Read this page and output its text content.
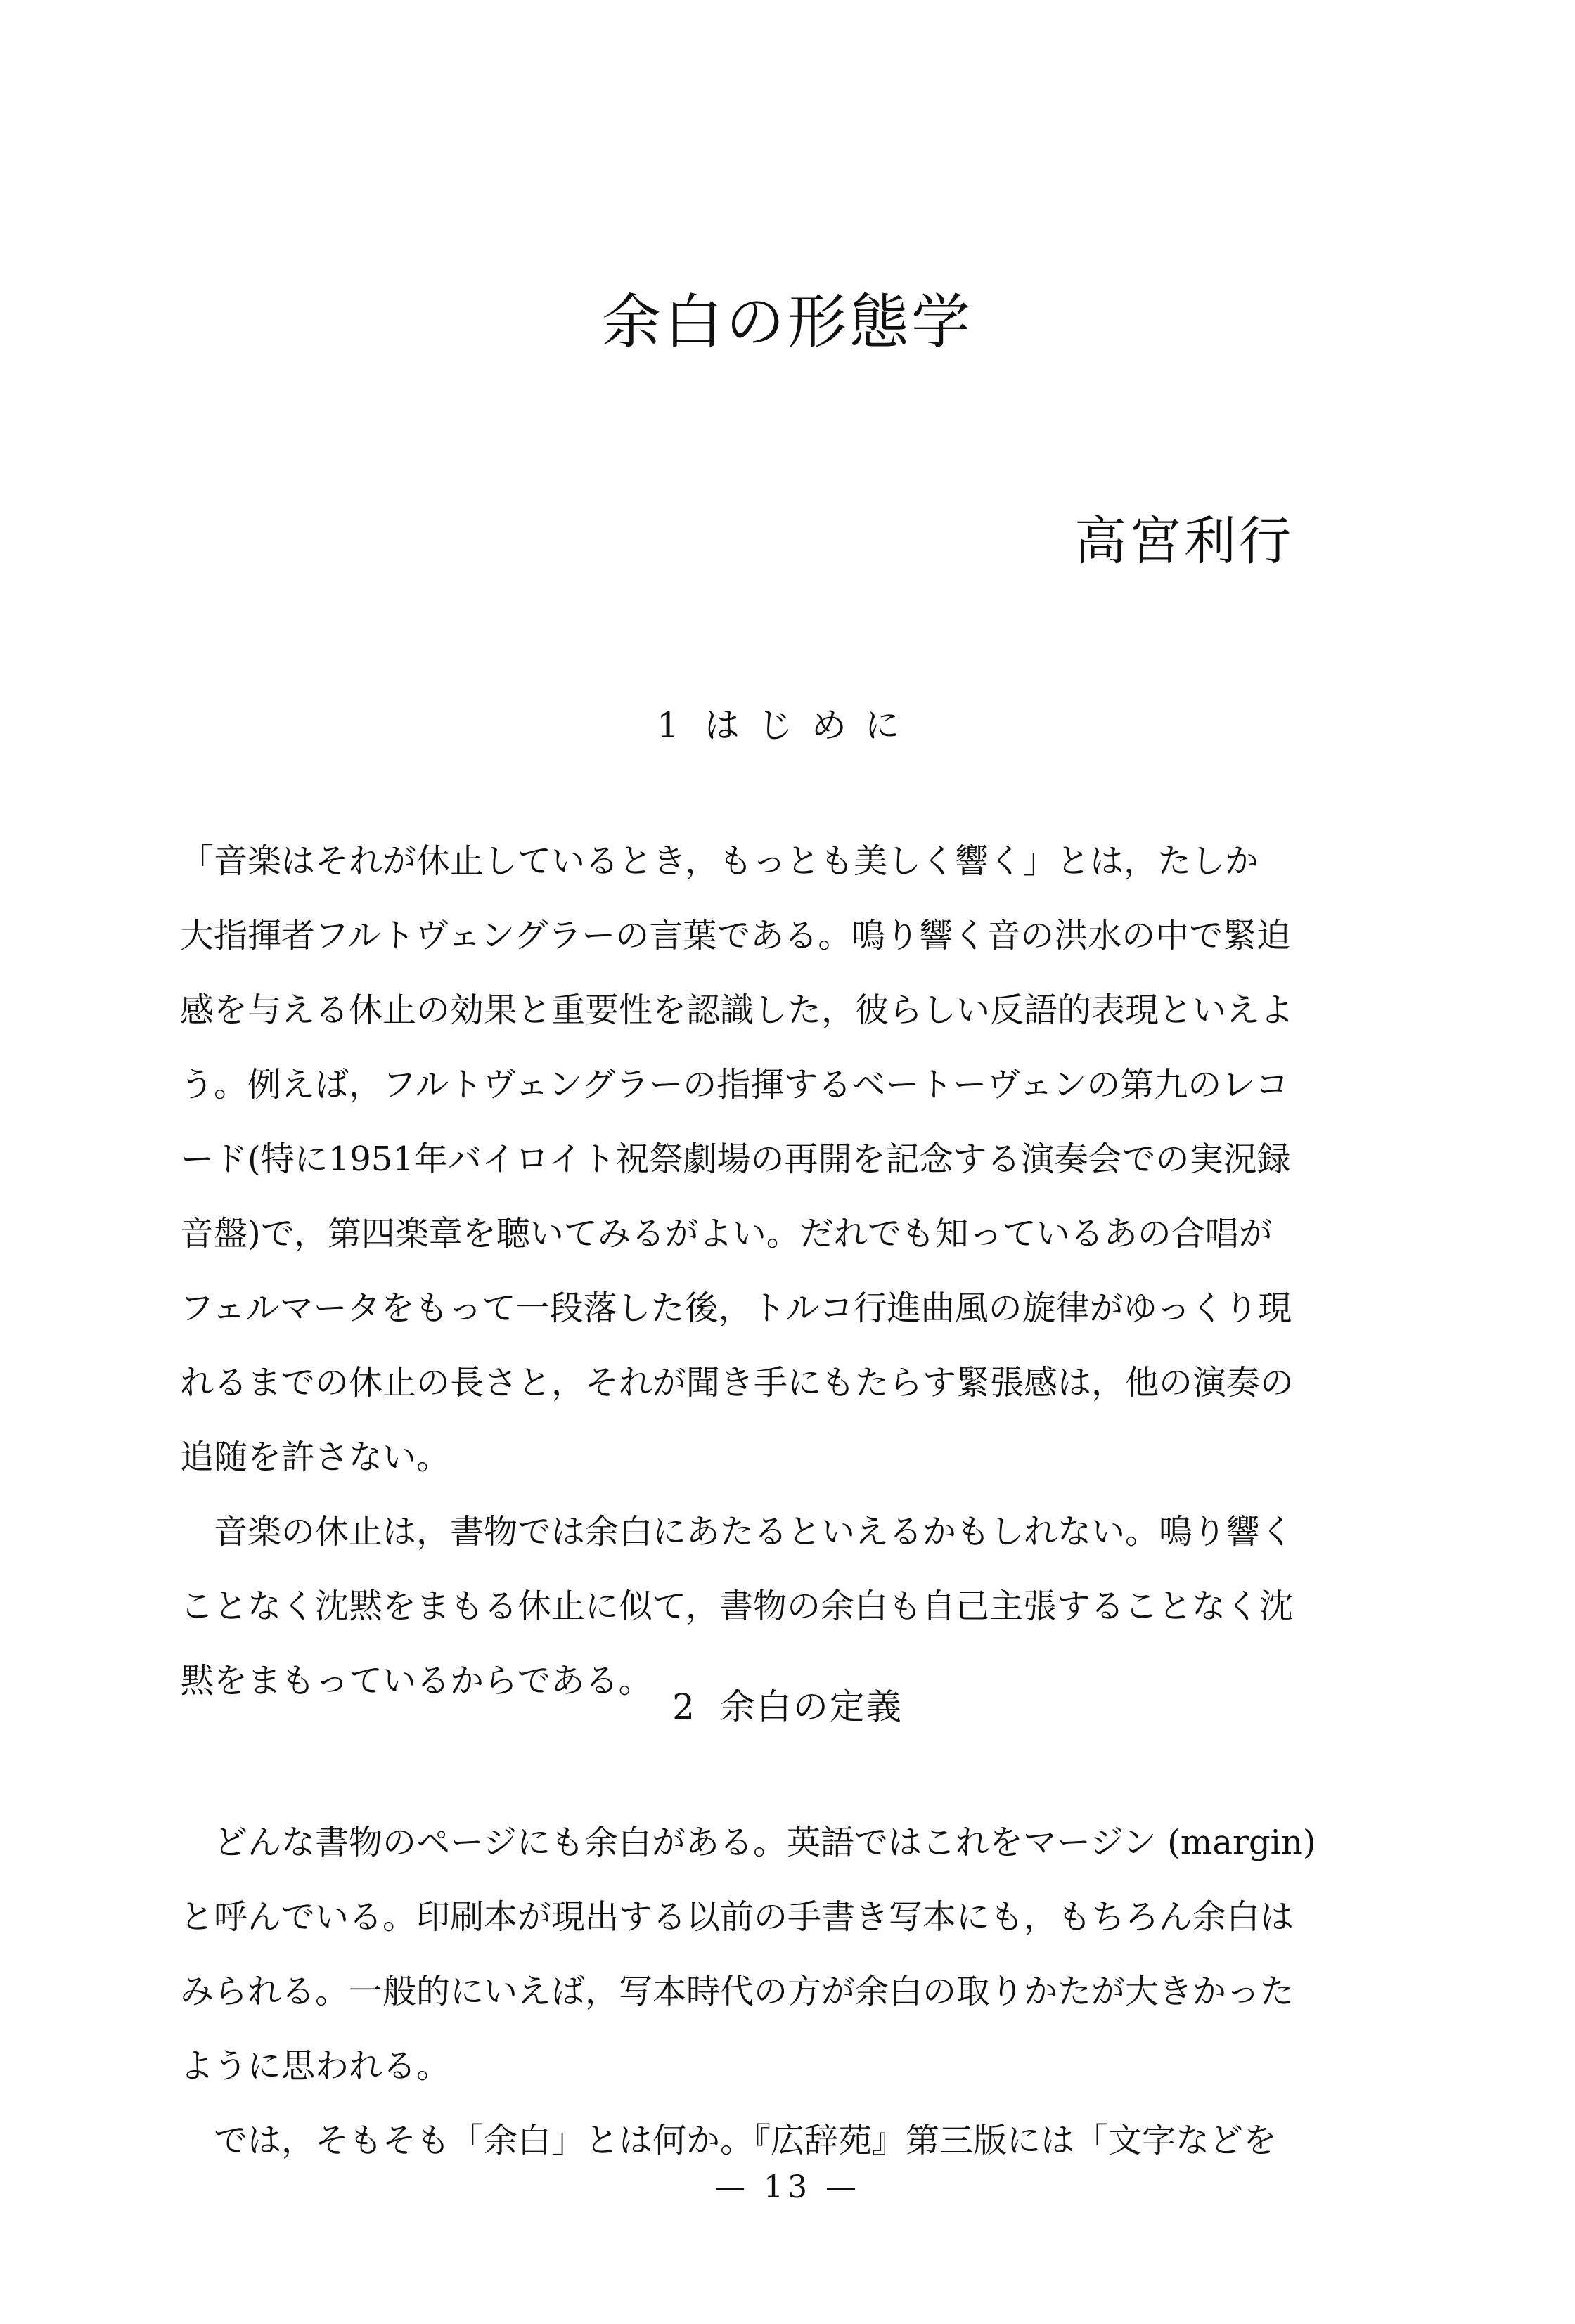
余白の形態学
高宮利行
1 はじめに
「音楽はそれが休止しているとき，もっとも美しく響く」とは，たしか
大指揮者フルトヴェングラーの言葉である。鳴り響く音の洪水の中で緊迫
感を与える休止の効果と重要性を認識した，彼らしい反語的表現といえよ
う。例えば，フルトヴェングラーの指揮するベートーヴェンの第九のレコ
ード(特に1951年バイロイト祝祭劇場の再開を記念する演奏会での実況録
音盤)で，第四楽章を聴いてみるがよい。だれでも知っているあの合唱が
フェルマータをもって一段落した後，トルコ行進曲風の旋律がゆっくり現
れるまでの休止の長さと，それが聞き手にもたらす緊張感は，他の演奏の
追随を許さない。
　音楽の休止は，書物では余白にあたるといえるかもしれない。鳴り響く
ことなく沈黙をまもる休止に似て，書物の余白も自己主張することなく沈
黙をまもっているからである。
2 余白の定義
　どんな書物のページにも余白がある。英語ではこれをマージン (margin)
と呼んでいる。印刷本が現出する以前の手書き写本にも，もちろん余白は
みられる。一般的にいえば，写本時代の方が余白の取りかたが大きかった
ように思われる。
　では，そもそも「余白」とは何か。『広辞苑』第三版には「文字などを
— 13 —
